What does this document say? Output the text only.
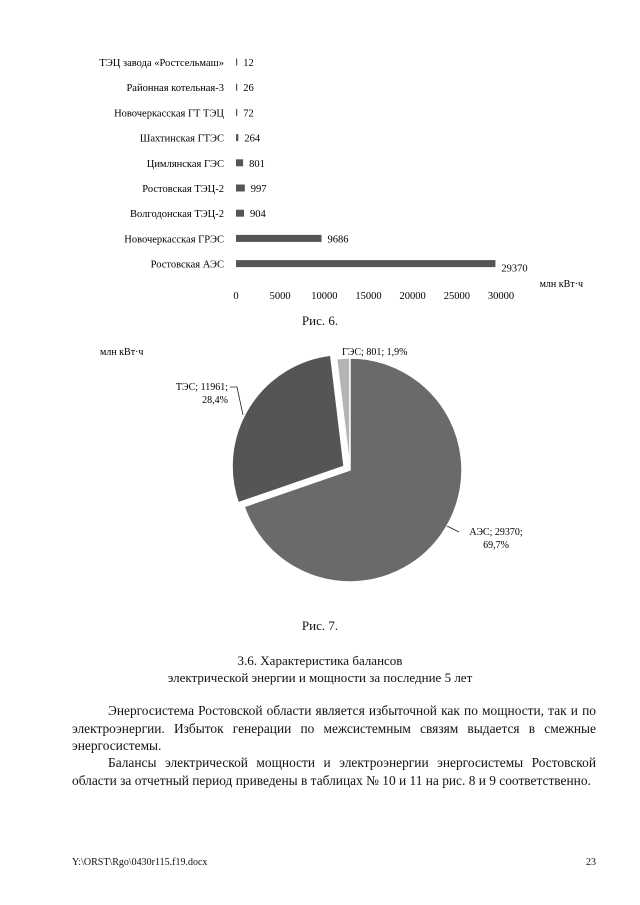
ТЭЦ завода «Ростсельмаш» 12
Районная котельная-3 26
Новочеркасская ГТ ТЭЦ 72
Шахтинская ГТЭС 264
Цимлянская ГЭС 801
Ростовская ТЭЦ-2	997
Волгодонская ТЭЦ-2 904
Новочеркасская ГРЭС	9686
Ростовская АЭС	29370
млн кВт·ч
0	5000 10000 15000 20000 25000 30000
Рис. 6.
млн кВт·ч	ГЭС; 801; 1,9%
ТЭС; 11961;
28,4%
АЭС; 29370;
69,7%
Рис. 7.
3.6. Характеристика балансов
электрической энергии и мощности за последние 5 лет
Энергосистема Ростовской области является избыточной как по мощности, так и по электроэнергии. Избыток генерации по межсистемным связям выдается в смежные энергосистемы.
Балансы электрической мощности и электроэнергии энергосистемы Ростовской области за отчетный период приведены в таблицах № 10 и 11 на рис. 8 и 9 соответственно.
Y:\ORST\Rgo\0430r115.f19.docx	23
